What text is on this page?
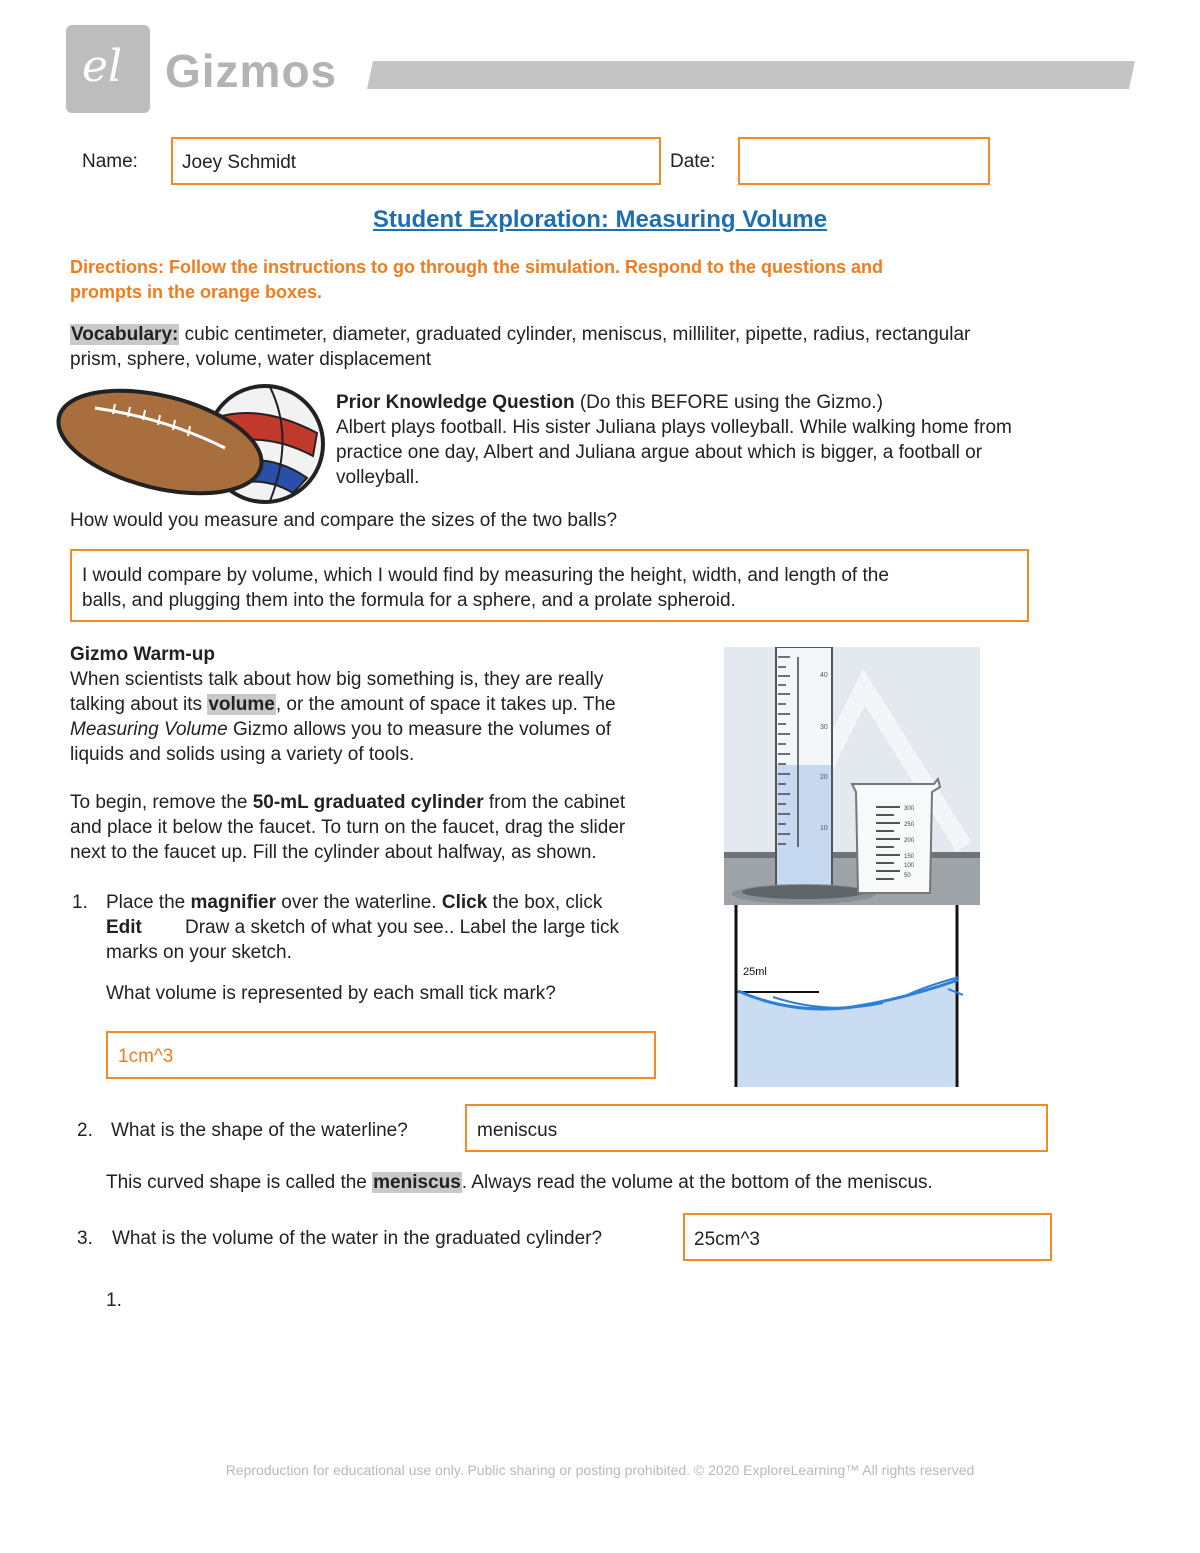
el Gizmos
Name: Joey Schmidt	Date:
Student Exploration: Measuring Volume
Directions: Follow the instructions to go through the simulation. Respond to the questions and
prompts in the orange boxes.
Vocabulary: cubic centimeter, diameter, graduated cylinder, meniscus, milliliter, pipette, radius, rectangular
prism, sphere, volume, water displacement
Prior Knowledge Question (Do this BEFORE using the Gizmo.)
Albert plays football. His sister Juliana plays volleyball. While walking home from
practice one day, Albert and Juliana argue about which is bigger, a football or
volleyball.
How would you measure and compare the sizes of the two balls?
I would compare by volume, which I would find by measuring the height, width, and length of the
balls, and plugging them into the formula for a sphere, and a prolate spheroid.
Gizmo Warm-up
When scientists talk about how big something is, they are really
talking about its volume, or the amount of space it takes up. The
Measuring Volume Gizmo allows you to measure the volumes of
liquids and solids using a variety of tools.
To begin, remove the 50-mL graduated cylinder from the cabinet
and place it below the faucet. To turn on the faucet, drag the slider
next to the faucet up. Fill the cylinder about halfway, as shown.
40
30
20
10
300
250
200
150
100
50
25ml
1. Place the magnifier over the waterline. Click the box, click
Edit Draw a sketch of what you see.. Label the large tick
marks on your sketch.
What volume is represented by each small tick mark?
1cm^3
2. What is the shape of the waterline?	meniscus
This curved shape is called the meniscus. Always read the volume at the bottom of the meniscus.
3. What is the volume of the water in the graduated cylinder?	25cm^3
1.
Reproduction for educational use only. Public sharing or posting prohibited. © 2020 ExploreLearning™ All rights reserved
